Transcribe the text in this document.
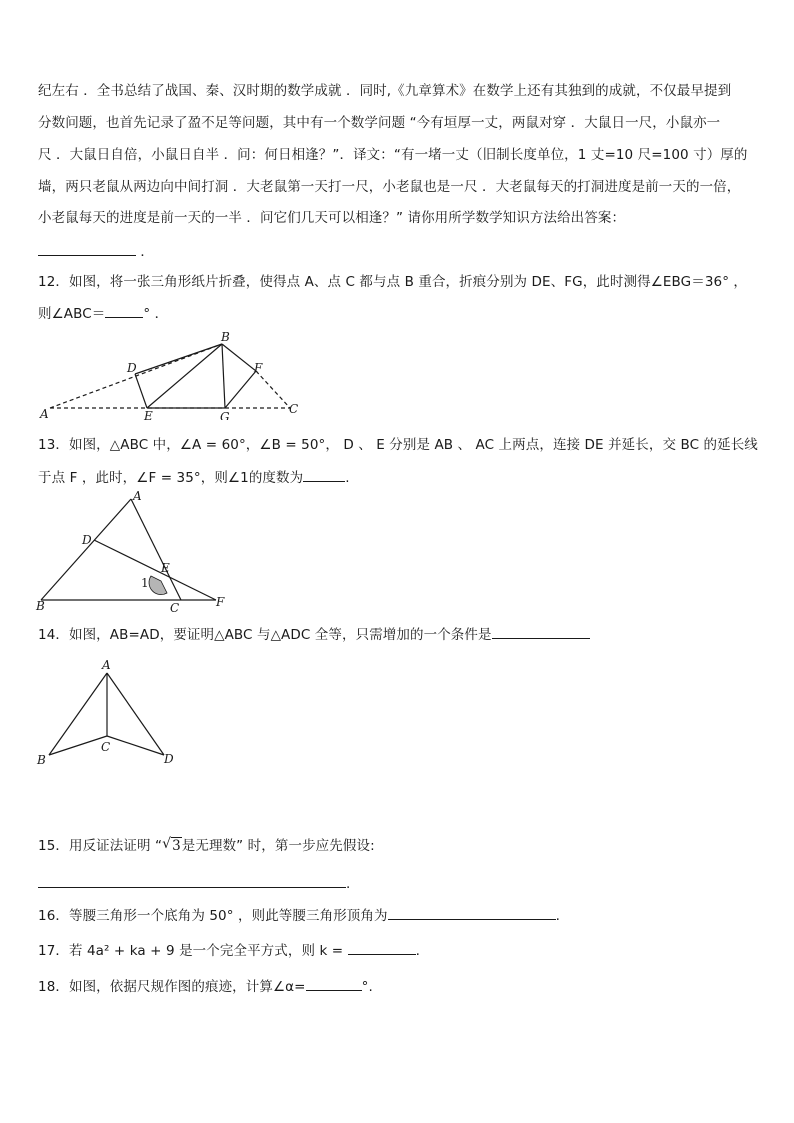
纪左右 ．全书总结了战国、秦、汉时期的数学成就 ．同时,《九章算术》在数学上还有其独到的成就，不仅最早提到
分数问题，也首先记录了盈不足等问题，其中有一个数学问题 “今有垣厚一丈，两鼠对穿 ．大鼠日一尺，小鼠亦一
尺 ．大鼠日自倍，小鼠日自半 ．问：何日相逢？”．译文：“有一堵一丈（旧制长度单位，1 丈=10 尺=100 寸）厚的
墙，两只老鼠从两边向中间打洞 ．大老鼠第一天打一尺，小老鼠也是一尺 ．大老鼠每天的打洞进度是前一天的一倍，
小老鼠每天的进度是前一天的一半 ．问它们几天可以相逢？” 请你用所学数学知识方法给出答案：
．
12．如图，将一张三角形纸片折叠，使得点 A、点 C 都与点 B 重合，折痕分别为 DE、FG，此时测得∠EBG＝36° ，
则∠ABC＝	° ．
A
B
C
D
E
F
G
13．如图，△ABC 中，∠A = 60°，∠B = 50°， D 、 E 分别是 AB 、 AC 上两点，连接 DE 并延长，交 BC 的延长线
于点 F ，此时，∠F = 35°，则∠1的度数为	.
A
B	C
D
E
F
1
14．如图，AB=AD，要证明△ABC 与△ADC 全等，只需增加的一个条件是
A
B
C
D
15．用反证法证明 “ √ 3是无理数” 时，第一步应先假设:
.
16．等腰三角形一个底角为 50° ，则此等腰三角形顶角为	.
17．若 4a² + ka + 9 是一个完全平方式，则 k =	.
18．如图，依据尺规作图的痕迹，计算∠α=	°.
